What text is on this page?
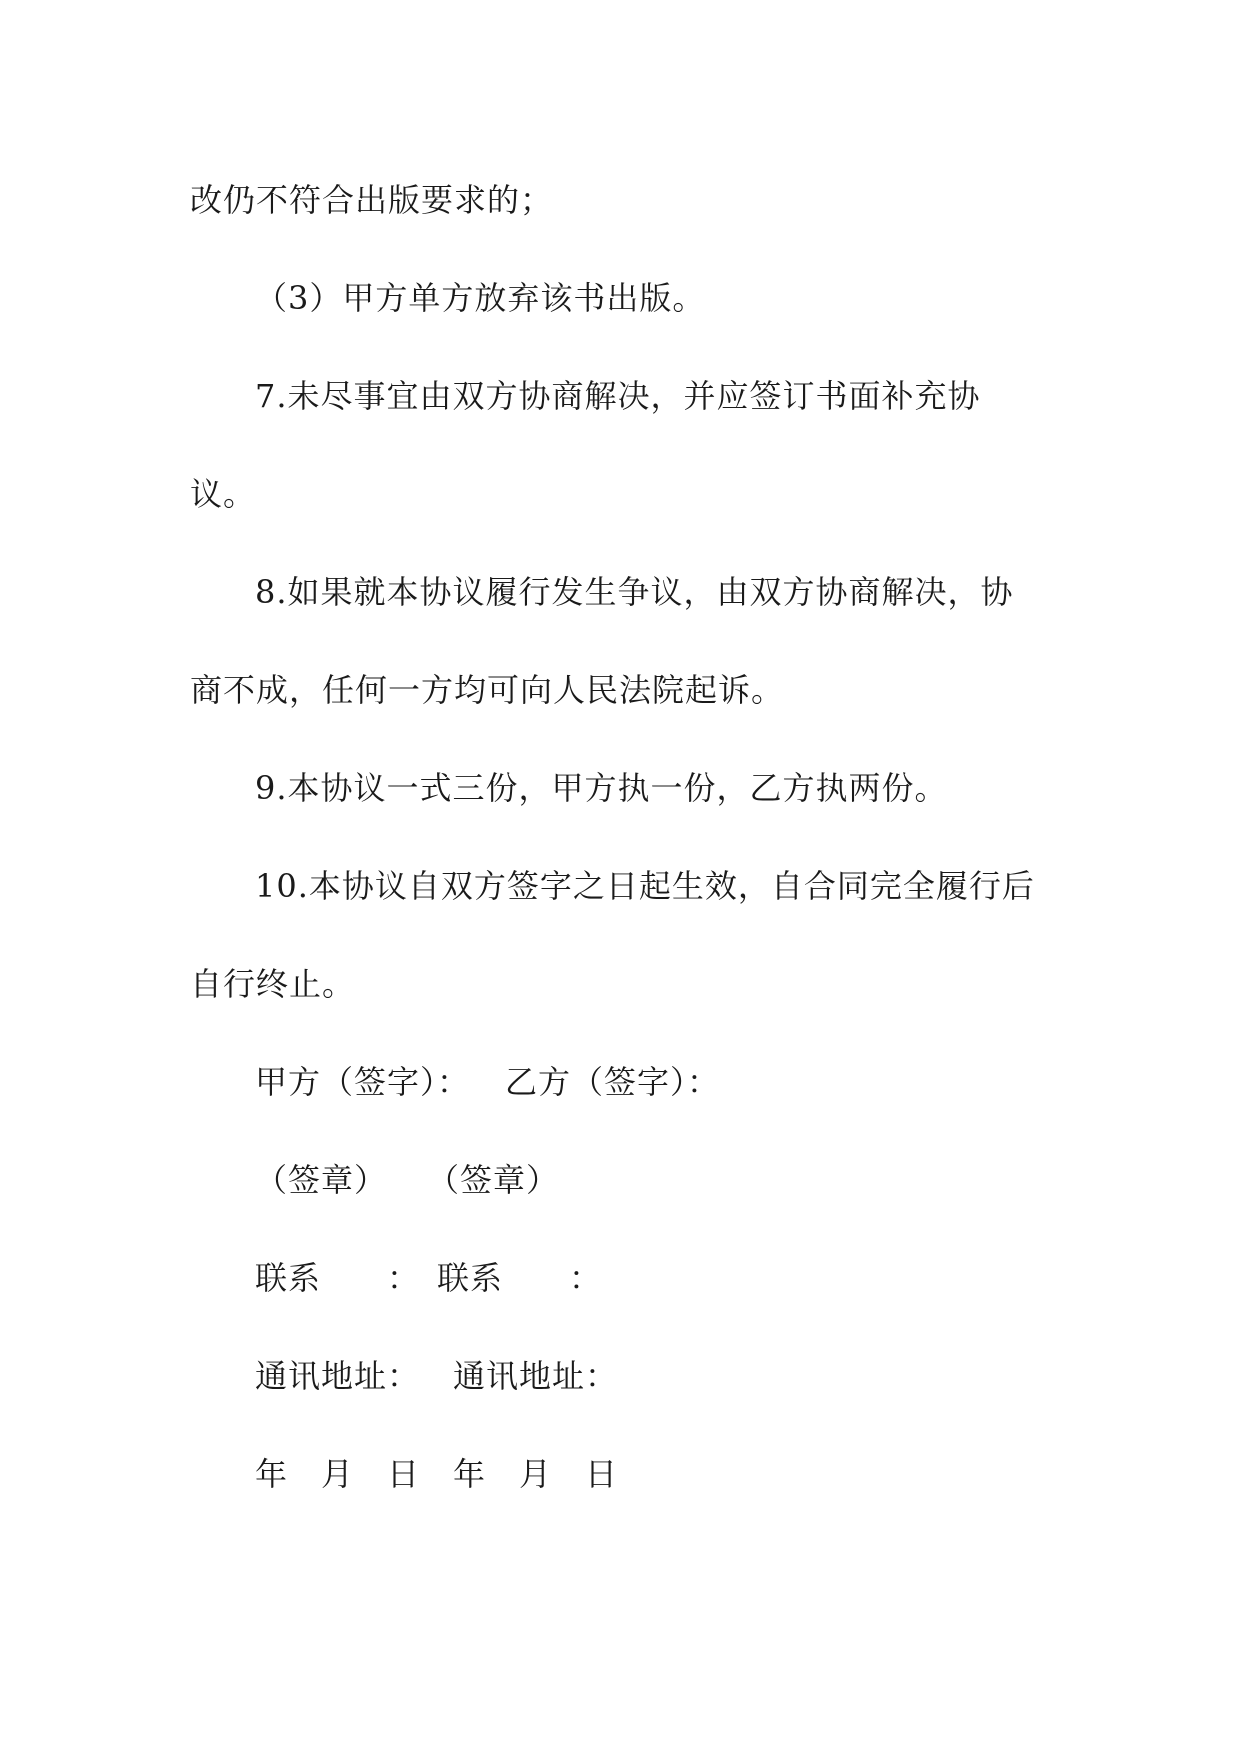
改仍不符合出版要求的；
（3）甲方单方放弃该书出版。
7.未尽事宜由双方协商解决，并应签订书面补充协
议。
8.如果就本协议履行发生争议，由双方协商解决，协
商不成，任何一方均可向人民法院起诉。
9.本协议一式三份，甲方执一份，乙方执两份。
10.本协议自双方签字之日起生效，自合同完全履行后
自行终止。
甲方（签字）： 乙方（签字）：
（签章） （签章）
联系　　： 联系　　：
通讯地址： 通讯地址：
年　月　日 年　月　日
